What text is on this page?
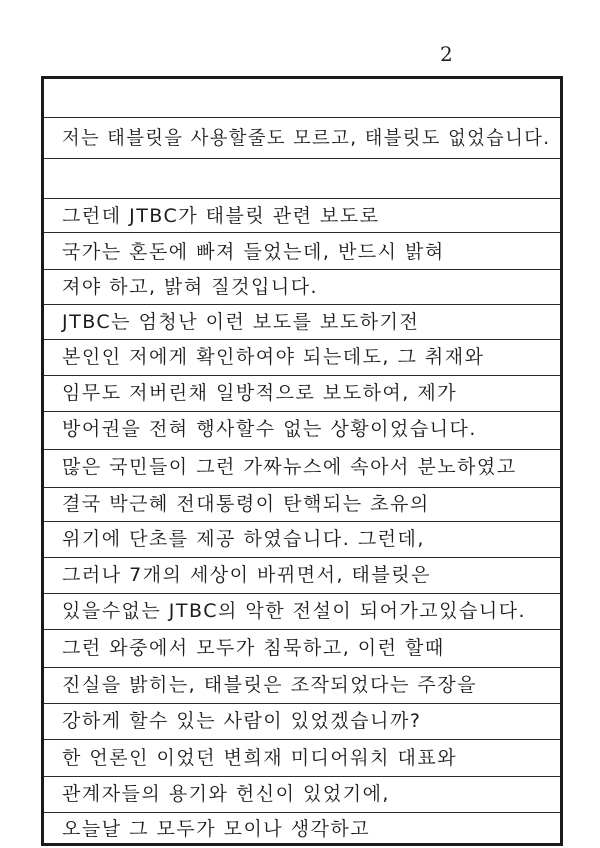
2
저는 태블릿을 사용할줄도 모르고, 태블릿도 없었습니다.
그런데 JTBC가 태블릿 관련 보도로
국가는 혼돈에 빠져 들었는데, 반드시 밝혀
져야 하고, 밝혀 질것입니다.
JTBC는 엄청난 이런 보도를 보도하기전
본인인 저에게 확인하여야 되는데도, 그 취재와
임무도 저버린채 일방적으로 보도하여, 제가
방어권을 전혀 행사할수 없는 상황이었습니다.
많은 국민들이 그런 가짜뉴스에 속아서 분노하였고
결국 박근혜 전대통령이 탄핵되는 초유의
위기에 단초를 제공 하였습니다. 그런데,
그러나 7개의 세상이 바뀌면서, 태블릿은
있을수없는 JTBC의 악한 전설이 되어가고있습니다.
그런 와중에서 모두가 침묵하고, 이런 할때
진실을 밝히는, 태블릿은 조작되었다는 주장을
강하게 할수 있는 사람이 있었겠습니까?
한 언론인 이었던 변희재 미디어워치 대표와
관계자들의 용기와 헌신이 있었기에,
오늘날 그 모두가 모이나 생각하고
